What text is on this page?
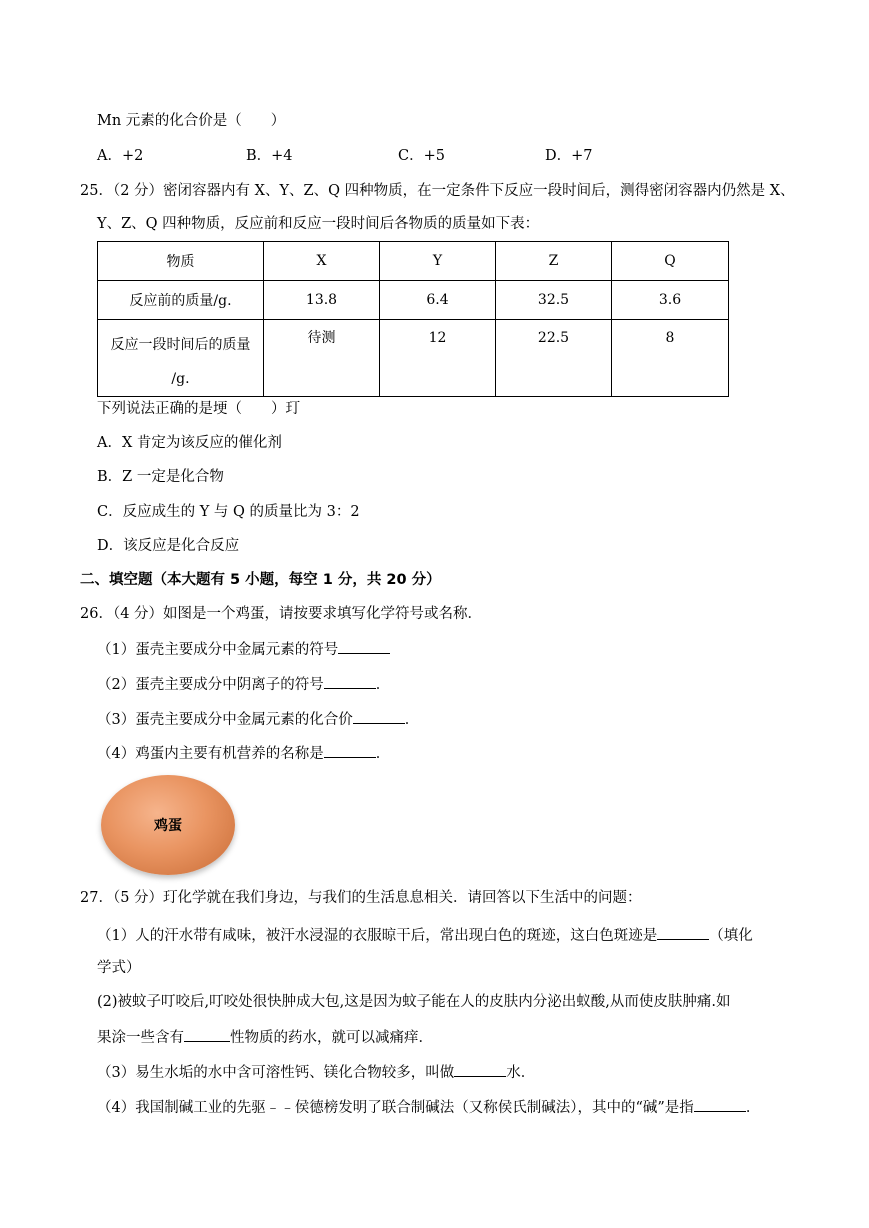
Mn 元素的化合价是（　　）
A．+2	B．+4	C．+5	D．+7
25．（2 分）密闭容器内有 X、Y、Z、Q 四种物质，在一定条件下反应一段时间后，测得密闭容器内仍然是 X、
Y、Z、Q 四种物质，反应前和反应一段时间后各物质的质量如下表：
物质	X	Y	Z	Q
反应前的质量/g.	13.8	6.4	32.5	3.6

反应一段时间后的质量
/g.	待测	12	22.5	8
下列说法正确的是埂（　　）玎
A．X 肯定为该反应的催化剂
B．Z 一定是化合物
C．反应成生的 Y 与 Q 的质量比为 3：2
D．该反应是化合反应
二、填空题（本大题有 5 小题，每空 1 分，共 20 分）
26．（4 分）如图是一个鸡蛋，请按要求填写化学符号或名称．
（1）蛋壳主要成分中金属元素的符号
（2）蛋壳主要成分中阴离子的符号	．
（3）蛋壳主要成分中金属元素的化合价	．
（4）鸡蛋内主要有机营养的名称是	．
鸡蛋
27．（5 分）玎化学就在我们身边，与我们的生活息息相关．请回答以下生活中的问题：
（1）人的汗水带有咸味，被汗水浸湿的衣服晾干后，常出现白色的斑迹，这白色斑迹是	（填化
学式）
(2)被蚊子叮咬后,叮咬处很快肿成大包,这是因为蚊子能在人的皮肤内分泌出蚁酸,从而使皮肤肿痛.如
果涂一些含有	性物质的药水，就可以减痛痒．
（3）易生水垢的水中含可溶性钙、镁化合物较多，叫做	水．
（4）我国制碱工业的先驱﹣﹣侯德榜发明了联合制碱法（又称侯氏制碱法），其中的“碱”是指	．
